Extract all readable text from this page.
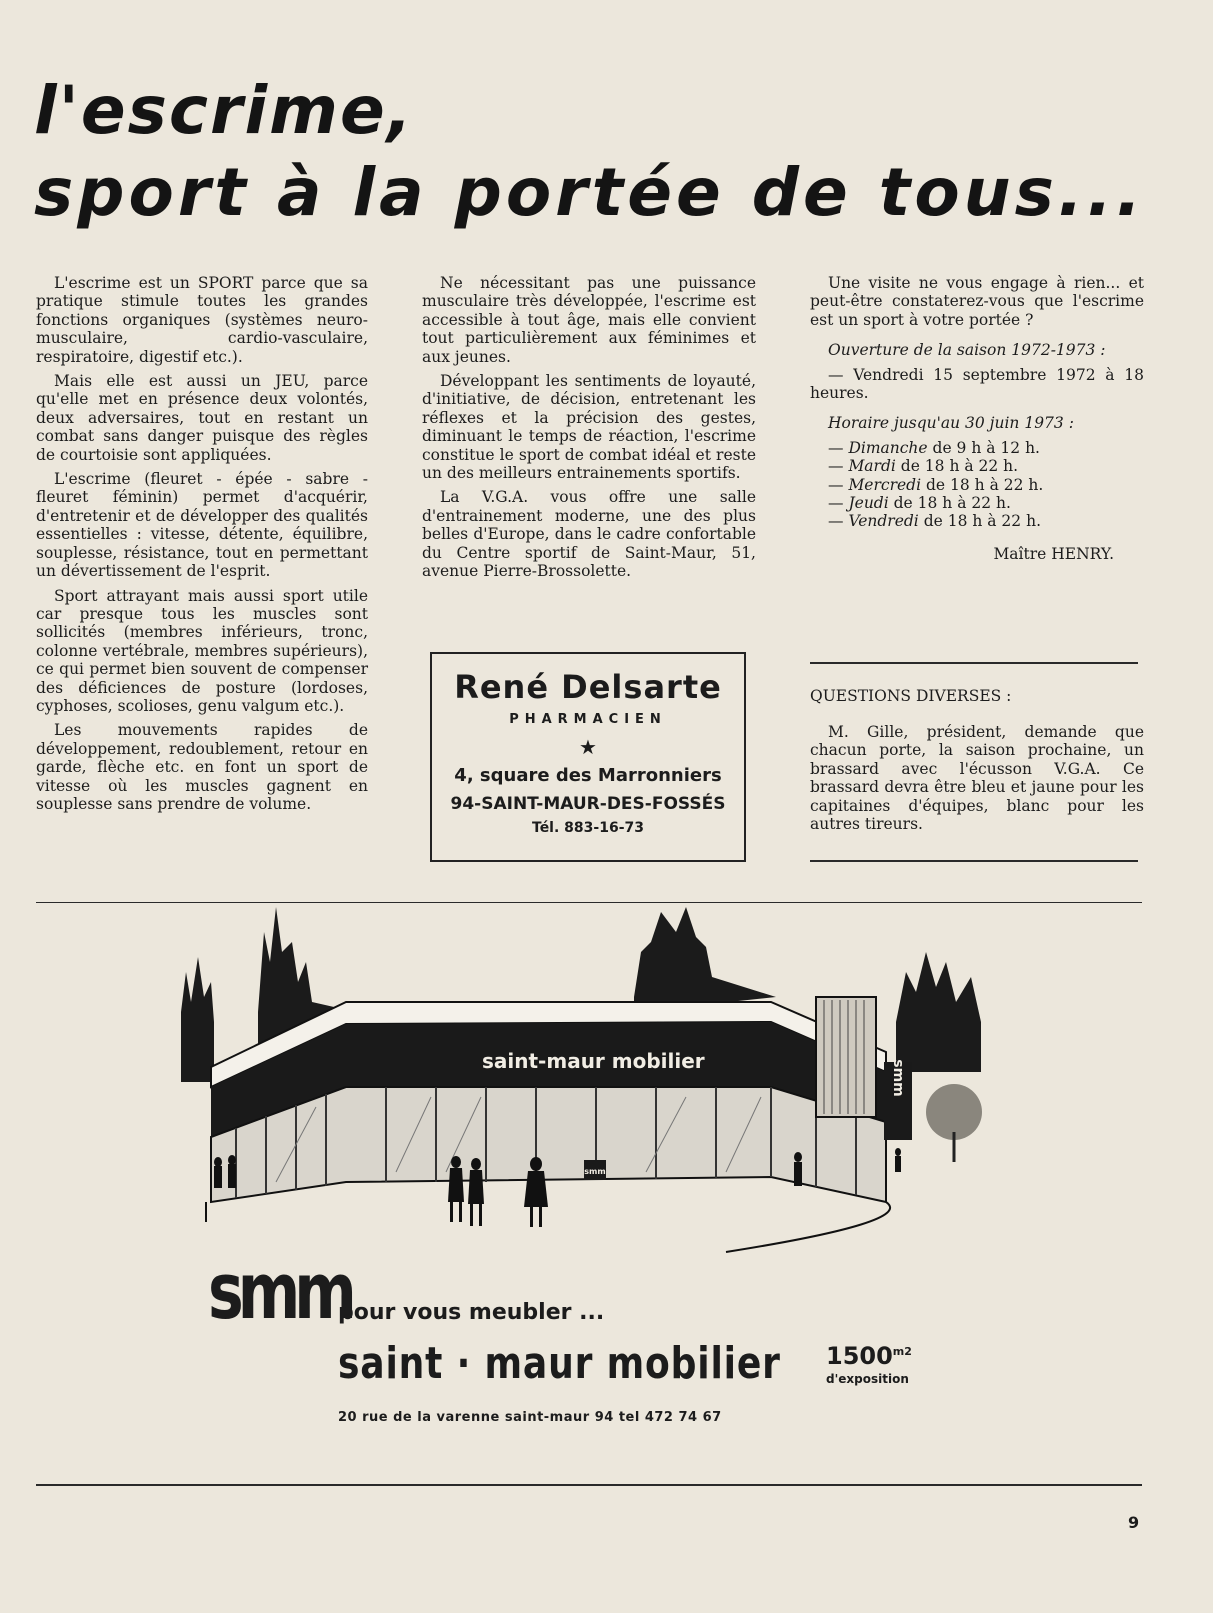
l'escrime,
sport à la portée de tous...

L'escrime est un SPORT parce que sa pratique stimule toutes les grandes fonctions organiques (systèmes neuro-musculaire, cardio-vasculaire, respiratoire, digestif etc.).

Mais elle est aussi un JEU, parce qu'elle met en présence deux volontés, deux adversaires, tout en restant un combat sans danger puisque des règles de courtoisie sont appliquées.

L'escrime (fleuret - épée - sabre - fleuret féminin) permet d'acquérir, d'entretenir et de développer des qualités essentielles : vitesse, détente, équilibre, souplesse, résistance, tout en permettant un dévertissement de l'esprit.

Sport attrayant mais aussi sport utile car presque tous les muscles sont sollicités (membres inférieurs, tronc, colonne vertébrale, membres supérieurs), ce qui permet bien souvent de compenser des déficiences de posture (lordoses, cyphoses, scolioses, genu valgum etc.).

Les mouvements rapides de développement, redoublement, retour en garde, flèche etc. en font un sport de vitesse où les muscles gagnent en souplesse sans prendre de volume.

Ne nécessitant pas une puissance musculaire très développée, l'escrime est accessible à tout âge, mais elle convient tout particulièrement aux féminimes et aux jeunes.

Développant les sentiments de loyauté, d'initiative, de décision, entretenant les réflexes et la précision des gestes, diminuant le temps de réaction, l'escrime constitue le sport de combat idéal et reste un des meilleurs entrainements sportifs.

La V.G.A. vous offre une salle d'entrainement moderne, une des plus belles d'Europe, dans le cadre confortable du Centre sportif de Saint-Maur, 51, avenue Pierre-Brossolette.

René Delsarte
PHARMACIEN
★
4, square des Marronniers
94-SAINT-MAUR-DES-FOSSÉS
Tél. 883-16-73

Une visite ne vous engage à rien... et peut-être constaterez-vous que l'escrime est un sport à votre portée ?

Ouverture de la saison 1972-1973 :

— Vendredi 15 septembre 1972 à 18 heures.

Horaire jusqu'au 30 juin 1973 :

— Dimanche de 9 h à 12 h.
— Mardi de 18 h à 22 h.
— Mercredi de 18 h à 22 h.
— Jeudi de 18 h à 22 h.
— Vendredi de 18 h à 22 h.
Maître HENRY.
QUESTIONS DIVERSES :
M. Gille, président, demande que chacun porte, la saison prochaine, un brassard avec l'écusson V.G.A. Ce brassard devra être bleu et jaune pour les capitaines d'équipes, blanc pour les autres tireurs.
saint-maur mobilier	smm
smm
smm
pour vous meubler ...
saint · maur mobilier $1500^{m2}$
d'exposition
20 rue de la varenne saint-maur 94 tel 472 74 67
9
